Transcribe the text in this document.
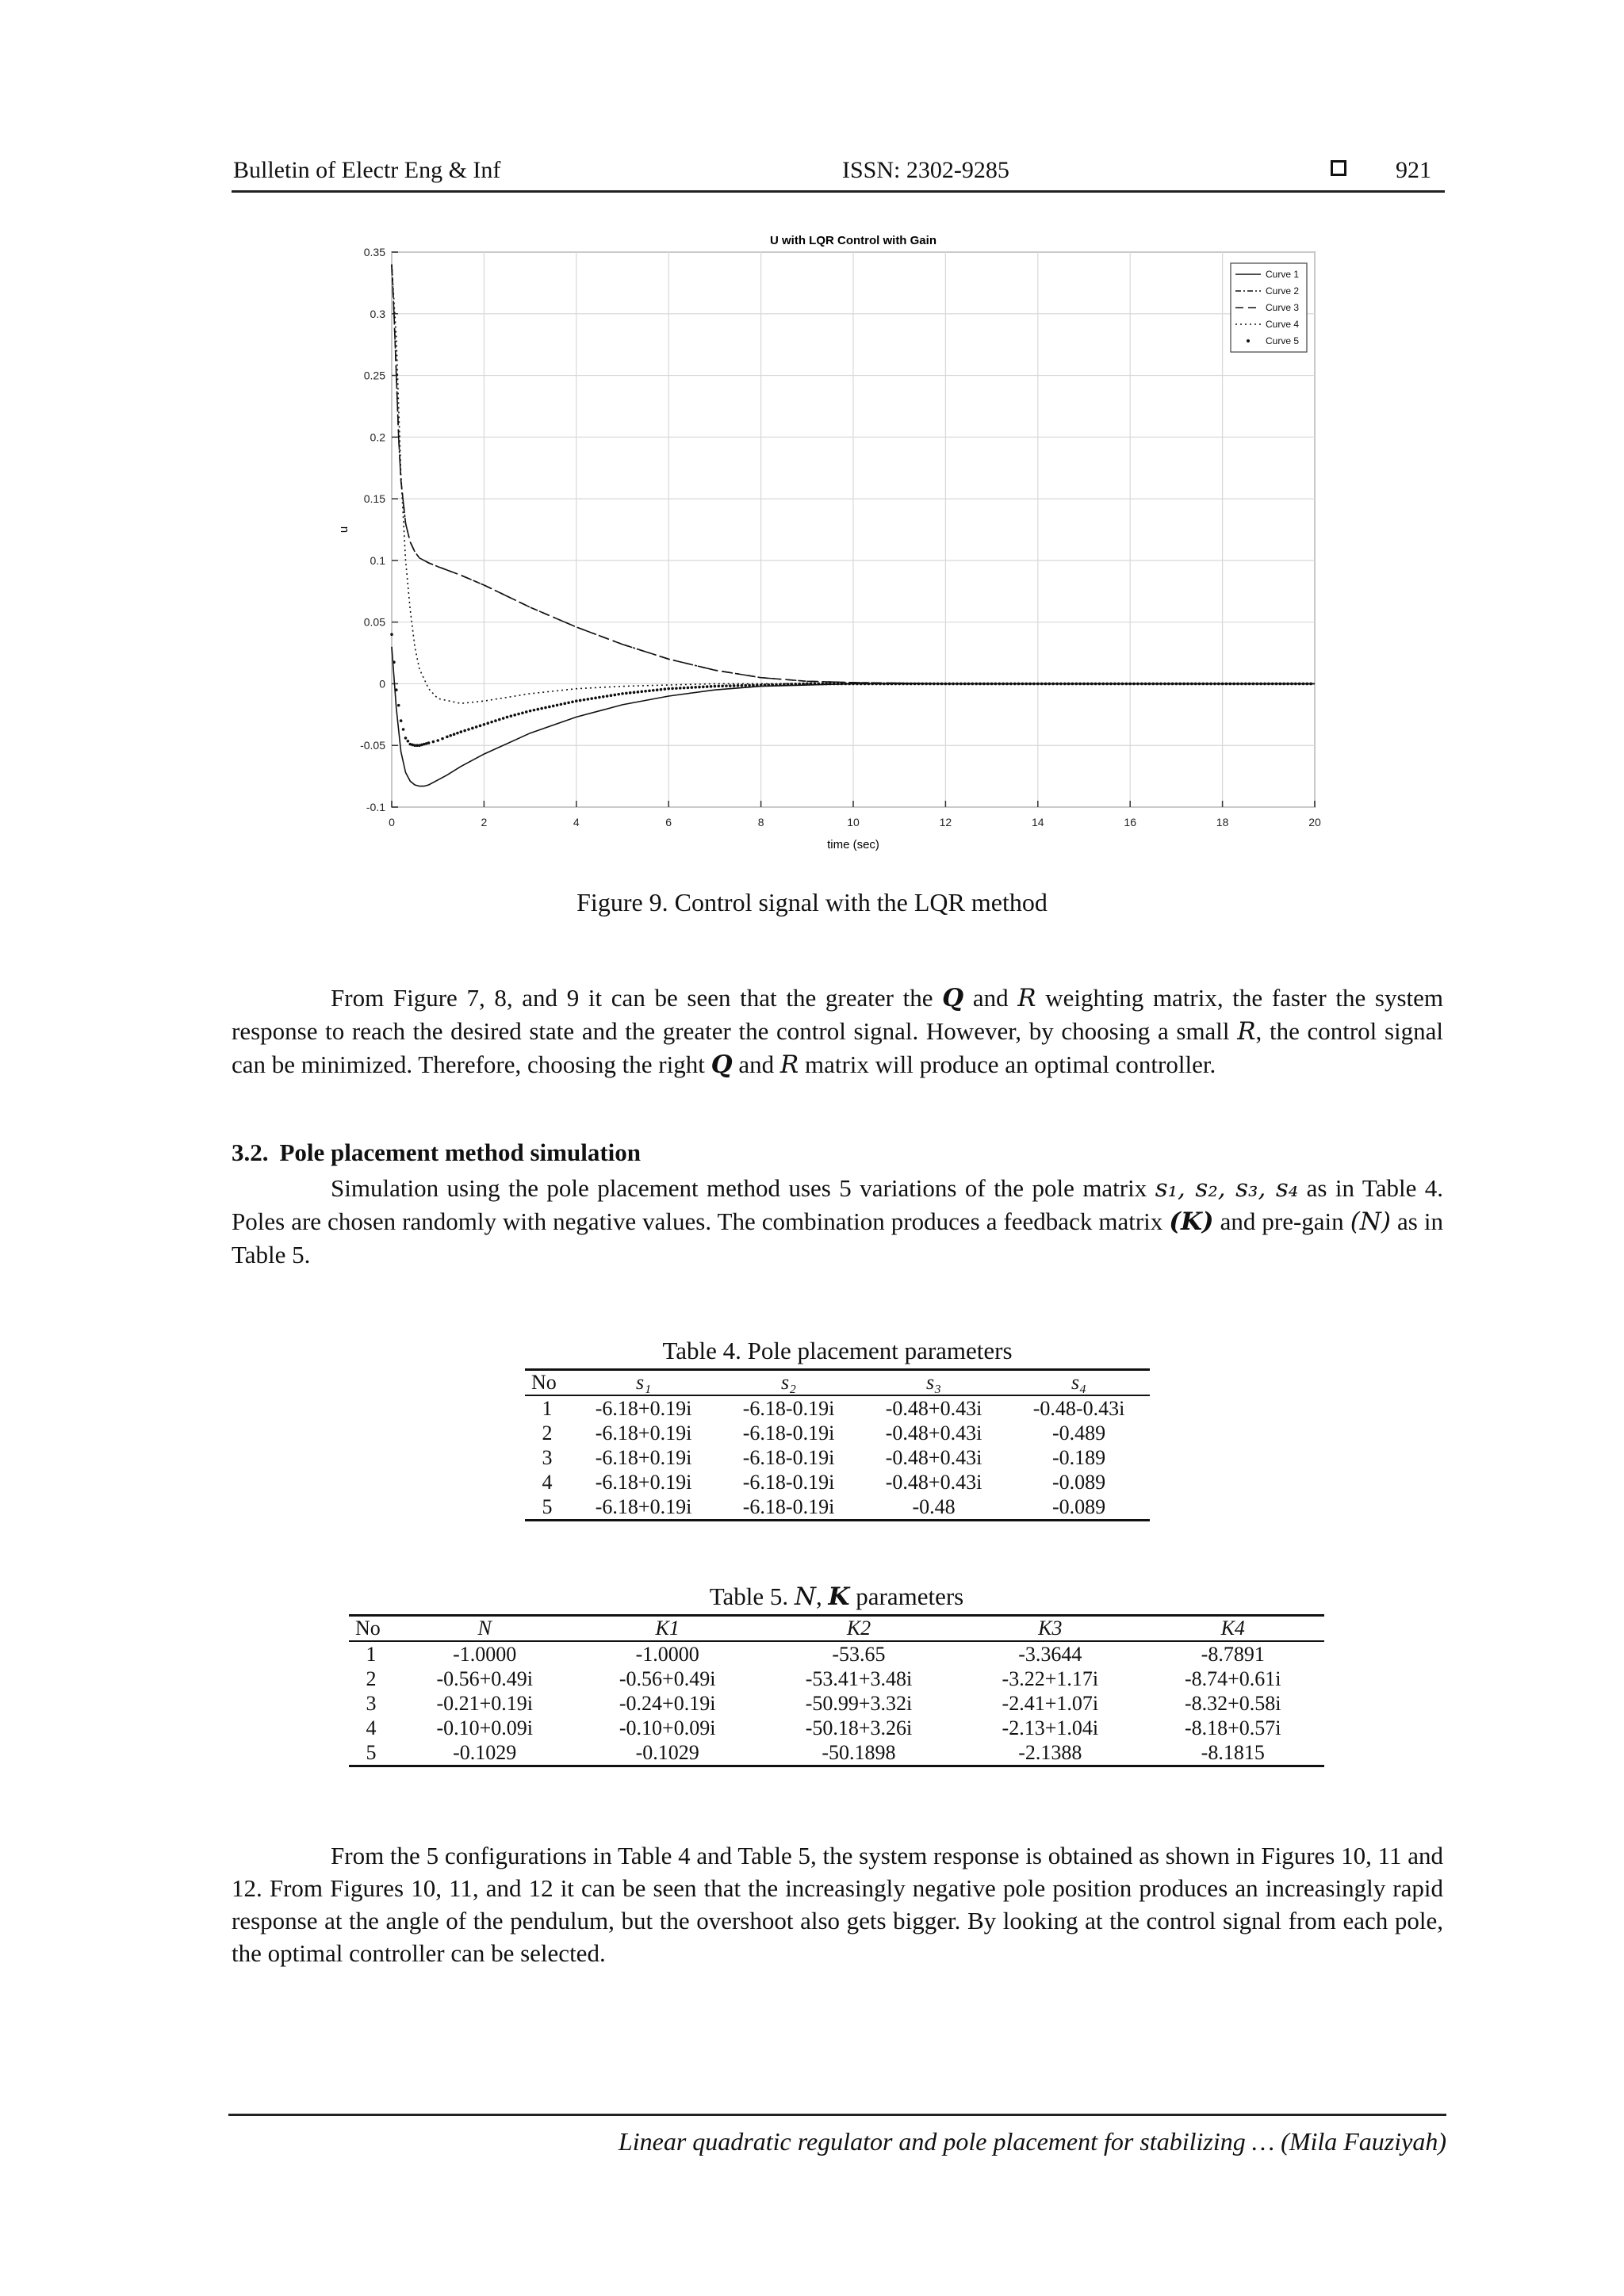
Bulletin of Electr Eng & Inf	ISSN: 2302-9285	921
0	2	4	6	8	10	12	14	16	18	20
-0.1
-0.05
0
0.05
0.1
0.15
0.2
0.25
0.3
0.35
U with LQR Control with Gain
time (sec)
u
Curve 1
Curve 2
Curve 3
Curve 4
Curve 5
Figure 9. Control signal with the LQR method
From Figure 7, 8, and 9 it can be seen that the greater the Q and R weighting matrix, the faster the system response to reach the desired state and the greater the control signal. However, by choosing a small R, the control signal can be minimized. Therefore, choosing the right Q and R matrix will produce an optimal controller.
3.2. Pole placement method simulation
Simulation using the pole placement method uses 5 variations of the pole matrix s₁, s₂, s₃, s₄ as in Table 4. Poles are chosen randomly with negative values. The combination produces a feedback matrix (K) and pre-gain (N) as in Table 5.
Table 4. Pole placement parameters
No	s₁	s₂	s₃	s₄
1	-6.18+0.19i	-6.18-0.19i	-0.48+0.43i	-0.48-0.43i
2	-6.18+0.19i	-6.18-0.19i	-0.48+0.43i	-0.489
3	-6.18+0.19i	-6.18-0.19i	-0.48+0.43i	-0.189
4	-6.18+0.19i	-6.18-0.19i	-0.48+0.43i	-0.089
5	-6.18+0.19i	-6.18-0.19i	-0.48	-0.089
Table 5. N, K parameters
No	N	K1	K2	K3	K4
1	-1.0000	-1.0000	-53.65	-3.3644	-8.7891
2	-0.56+0.49i	-0.56+0.49i	-53.41+3.48i	-3.22+1.17i	-8.74+0.61i
3	-0.21+0.19i	-0.24+0.19i	-50.99+3.32i	-2.41+1.07i	-8.32+0.58i
4	-0.10+0.09i	-0.10+0.09i	-50.18+3.26i	-2.13+1.04i	-8.18+0.57i
5	-0.1029	-0.1029	-50.1898	-2.1388	-8.1815
From the 5 configurations in Table 4 and Table 5, the system response is obtained as shown in Figures 10, 11 and 12. From Figures 10, 11, and 12 it can be seen that the increasingly negative pole position produces an increasingly rapid response at the angle of the pendulum, but the overshoot also gets bigger. By looking at the control signal from each pole, the optimal controller can be selected.
Linear quadratic regulator and pole placement for stabilizing … (Mila Fauziyah)
